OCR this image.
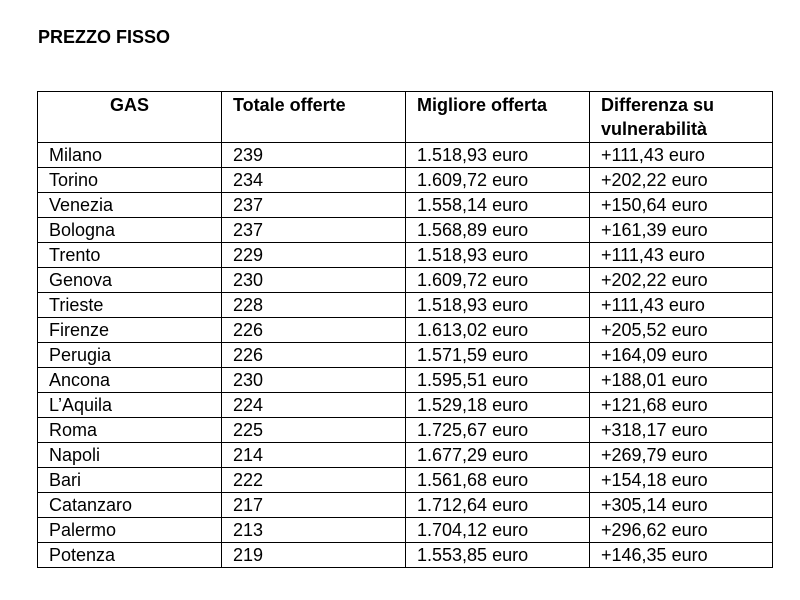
PREZZO FISSO
GAS	Totale offerte	Migliore offerta	Differenza su vulnerabilità
Milano	239	1.518,93 euro	+111,43 euro
Torino	234	1.609,72 euro	+202,22 euro
Venezia	237	1.558,14 euro	+150,64 euro
Bologna	237	1.568,89 euro	+161,39 euro
Trento	229	1.518,93 euro	+111,43 euro
Genova	230	1.609,72 euro	+202,22 euro
Trieste	228	1.518,93 euro	+111,43 euro
Firenze	226	1.613,02 euro	+205,52 euro
Perugia	226	1.571,59 euro	+164,09 euro
Ancona	230	1.595,51 euro	+188,01 euro
L’Aquila	224	1.529,18 euro	+121,68 euro
Roma	225	1.725,67 euro	+318,17 euro
Napoli	214	1.677,29 euro	+269,79 euro
Bari	222	1.561,68 euro	+154,18 euro
Catanzaro	217	1.712,64 euro	+305,14 euro
Palermo	213	1.704,12 euro	+296,62 euro
Potenza	219	1.553,85 euro	+146,35 euro
